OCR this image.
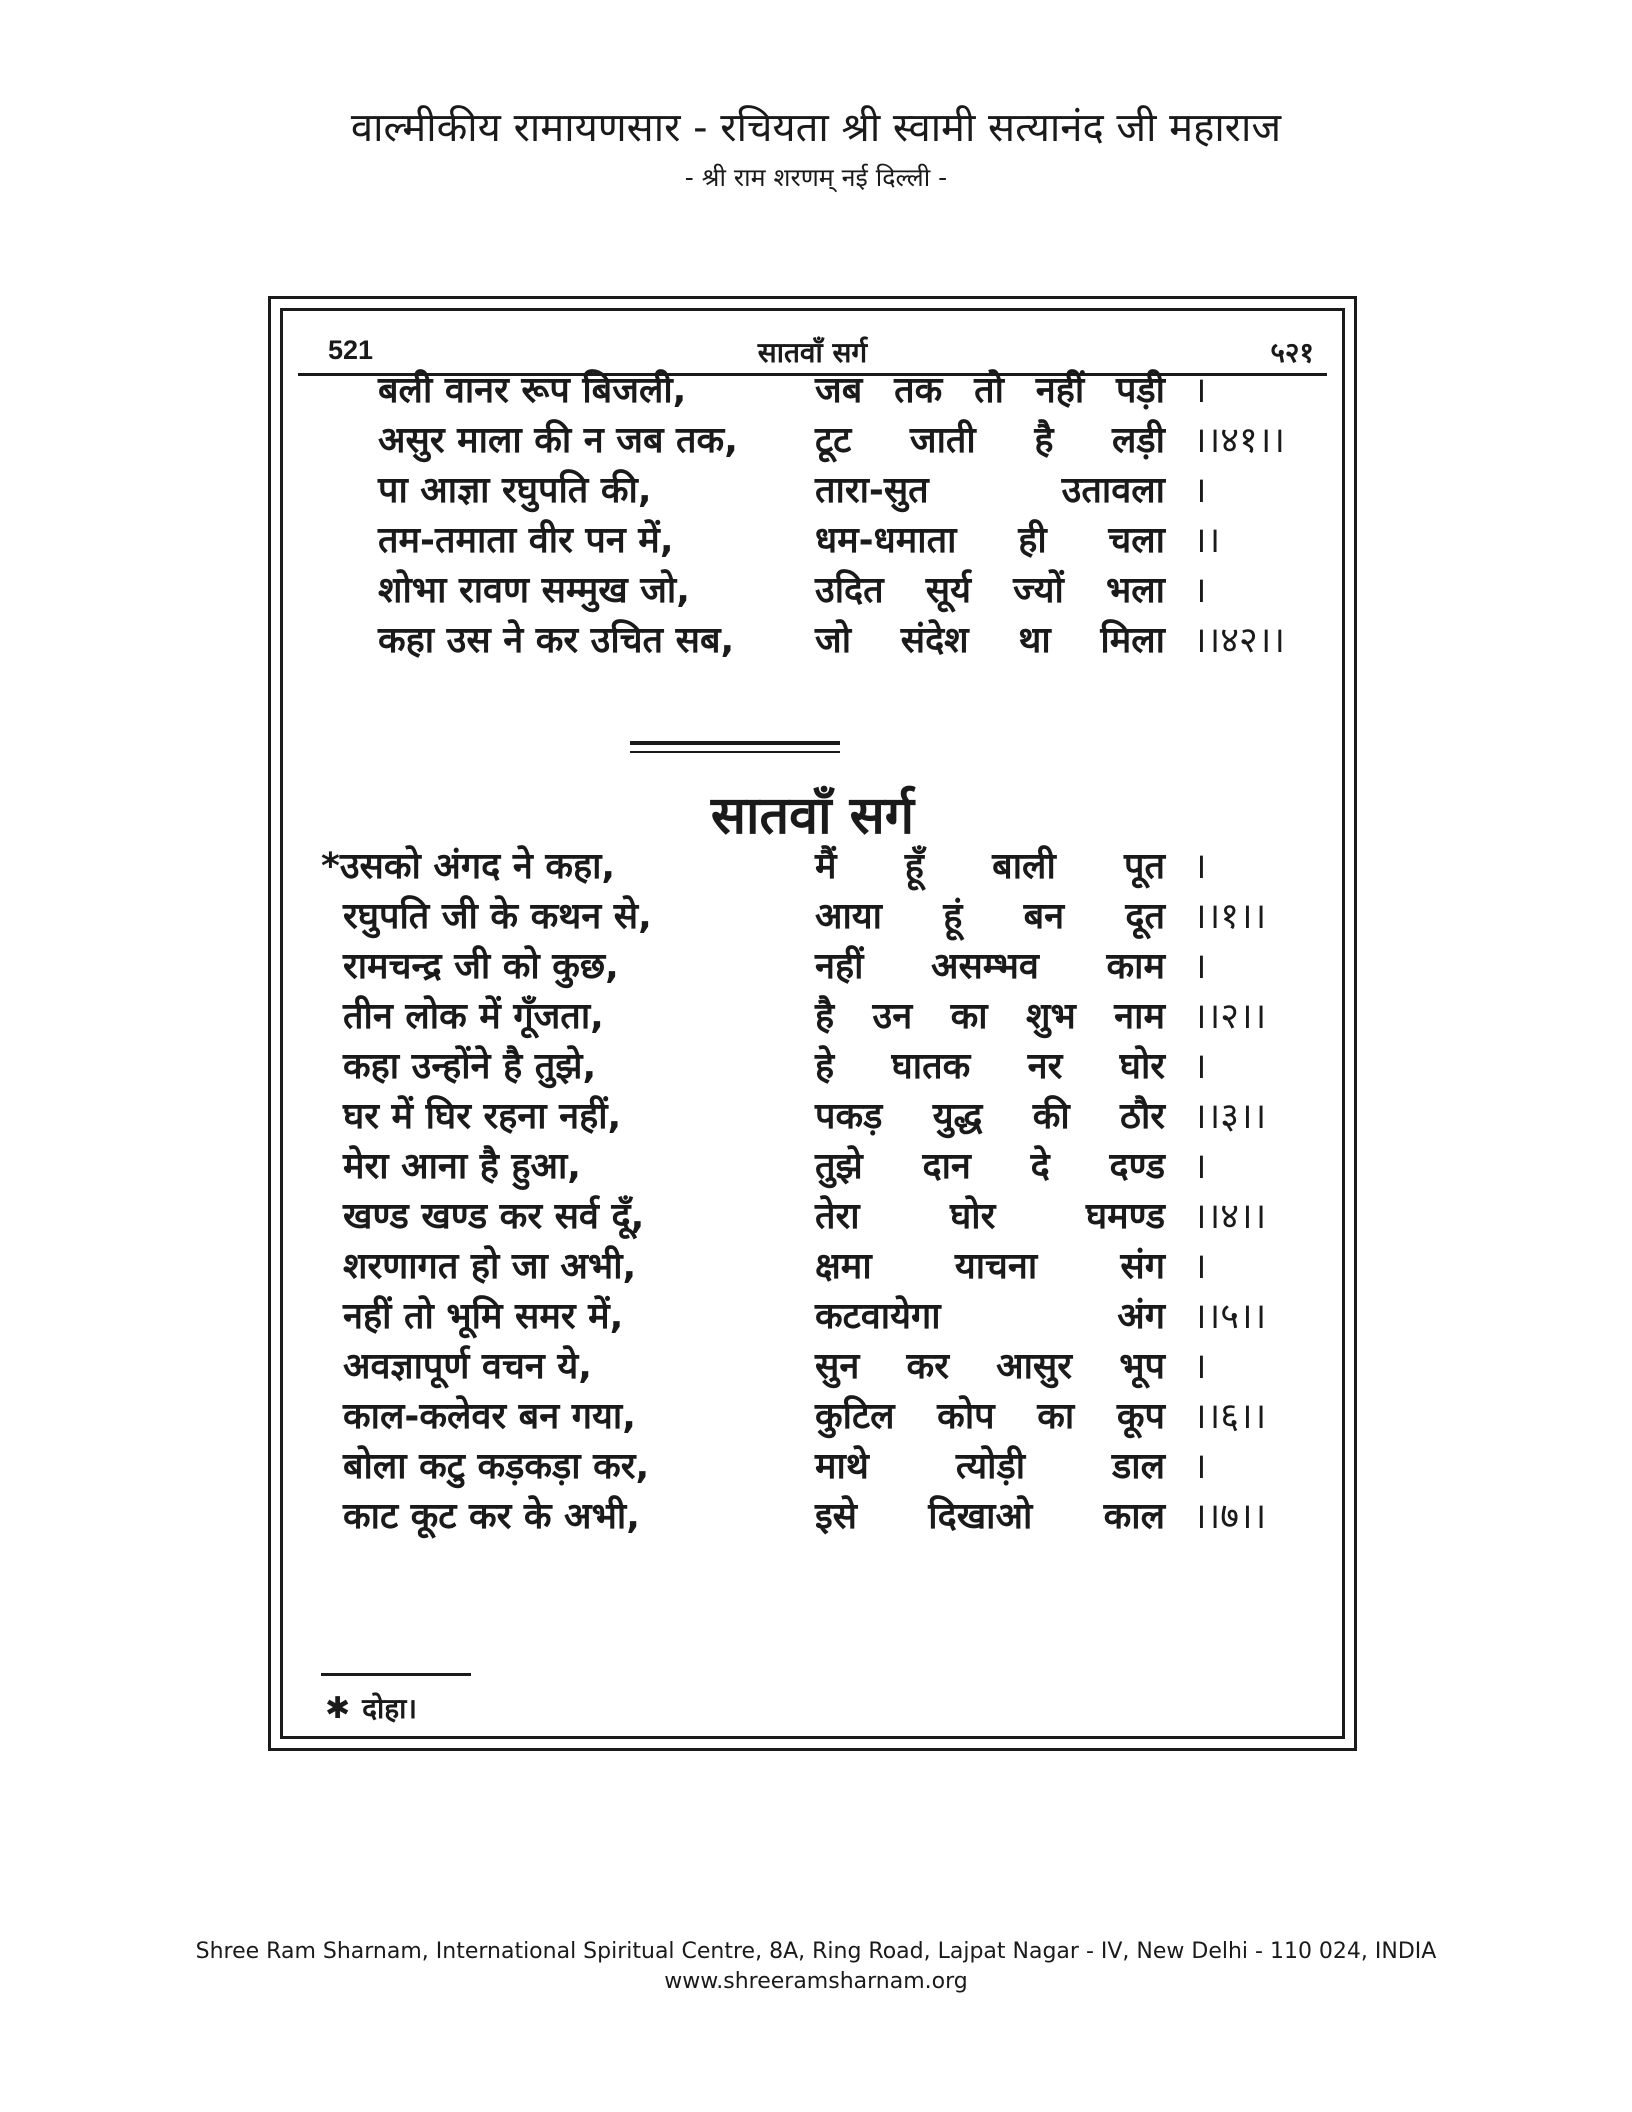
वाल्मीकीय रामायणसार - रचियता श्री स्वामी सत्यानंद जी महाराज
- श्री राम शरणम् नई दिल्ली -
521	सातवाँ सर्ग	५२१
बली वानर रूप बिजली,	जब तक तो नहीं पड़ी ।
असुर माला की न जब तक, टूट जाती है लड़ी ।।४१।।
पा आज्ञा रघुपति की,	तारा-सुत	उतावला ।
तम-तमाता वीर पन में,	धम-धमाता ही चला ।।
शोभा रावण सम्मुख जो,	उदित सूर्य ज्यों भला ।
कहा उस ने कर उचित सब, जो संदेश था मिला ।।४२।।
सातवाँ सर्ग
*उसको अंगद ने कहा,	मैं हूँ बाली पूत ।
रघुपति जी के कथन से,	आया हूं बन दूत ।।१।।
रामचन्द्र जी को कुछ,	नहीं असम्भव काम ।
तीन लोक में गूँजता,	है उन का शुभ नाम ।।२।।
कहा उन्होंने है तुझे,	हे घातक नर घोर ।
घर में घिर रहना नहीं,	पकड़ युद्ध की ठौर ।।३।।
मेरा आना है हुआ,	तुझे दान दे दण्ड ।
खण्ड खण्ड कर सर्व दूँ,	तेरा	घोर	घमण्ड ।।४।।
शरणागत हो जा अभी,	क्षमा याचना संग ।
नहीं तो भूमि समर में,	कटवायेगा	अंग ।।५।।
अवज्ञापूर्ण वचन ये,	सुन कर आसुर भूप ।
काल-कलेवर बन गया,	कुटिल कोप का कूप ।।६।।
बोला कटु कड़कड़ा कर,	माथे त्योड़ी डाल ।
काट कूट कर के अभी,	इसे दिखाओ काल ।।७।।
✱ दोहा।
Shree Ram Sharnam, International Spiritual Centre, 8A, Ring Road, Lajpat Nagar - IV, New Delhi - 110 024, INDIA
www.shreeramsharnam.org
